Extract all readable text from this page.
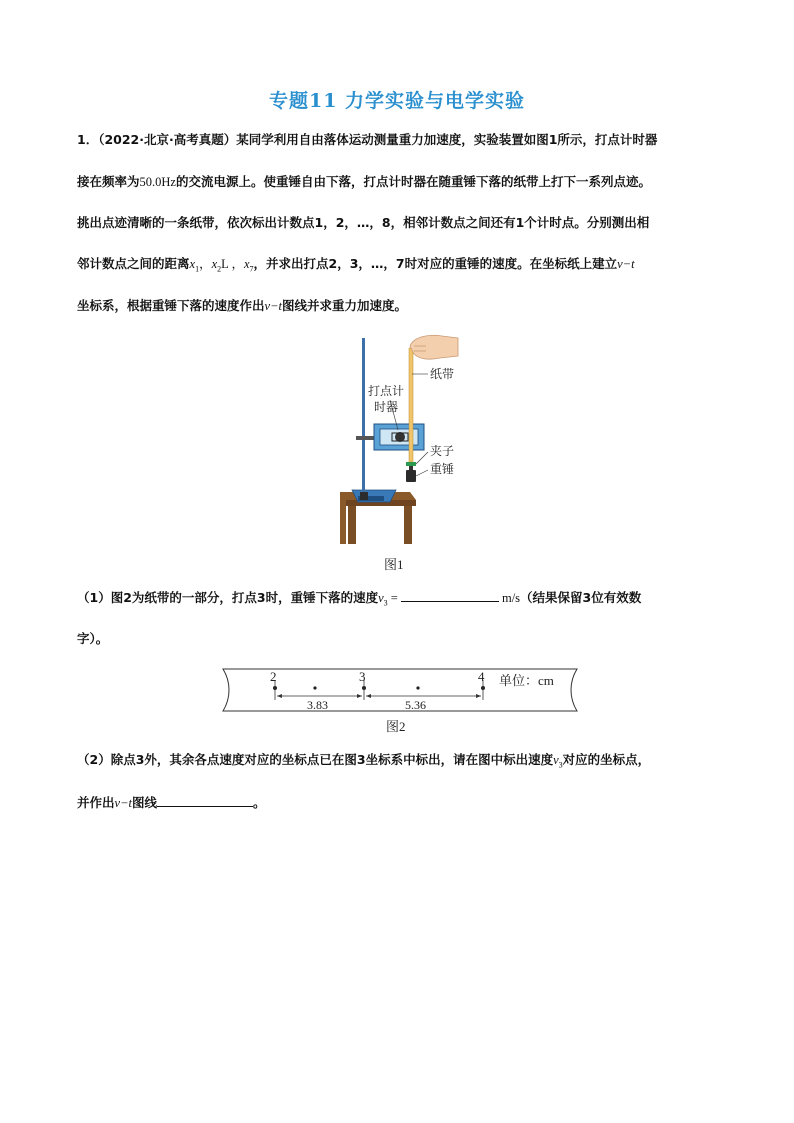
专题11 力学实验与电学实验
1．（2022·北京·高考真题）某同学利用自由落体运动测量重力加速度，实验装置如图1所示，打点计时器
接在频率为50.0Hz的交流电源上。使重锤自由下落，打点计时器在随重锤下落的纸带上打下一系列点迹。
挑出点迹清晰的一条纸带，依次标出计数点1，2，…，8，相邻计数点之间还有1个计时点。分别测出相
邻计数点之间的距离$x_1$，$x_2L$ ，$x_7$，并求出打点2，3，…，7时对应的重锤的速度。在坐标纸上建立v−t
坐标系，根据重锤下落的速度作出v−t图线并求重力加速度。
打点计
时器
纸带
夹子
重锤
图1
（1）图2为纸带的一部分，打点3时，重锤下落的速度$v_3$ =	m/s（结果保留3位有效数
字）。
2	3	4
3.83	5.36
单位：cm
图2
（2）除点3外，其余各点速度对应的坐标点已在图3坐标系中标出，请在图中标出速度$v_3$对应的坐标点，
并作出v−t图线	。
